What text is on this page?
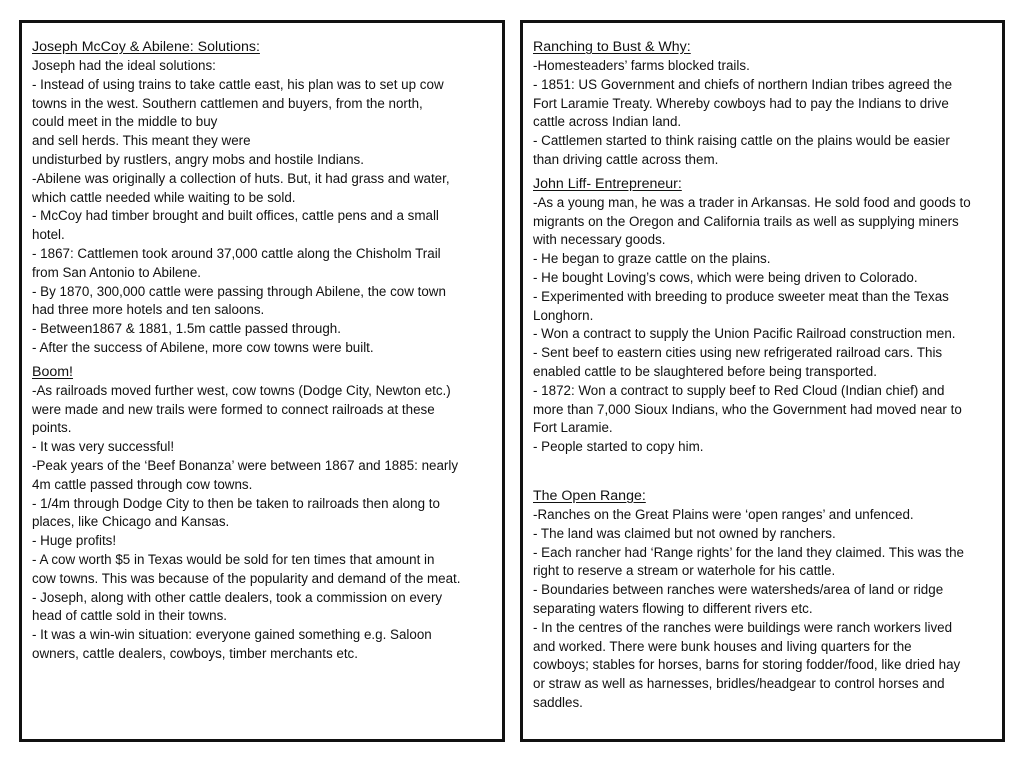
Joseph McCoy & Abilene: Solutions:

Joseph had the ideal solutions:

- Instead of using trains to take cattle east, his plan was to set up cow

towns in the west. Southern cattlemen and buyers, from the north,

could meet in the middle to buy

and sell herds. This meant they were

undisturbed by rustlers, angry mobs and hostile Indians.

-Abilene was originally a collection of huts. But, it had grass and water,

which cattle needed while waiting to be sold.

- McCoy had timber brought and built offices, cattle pens and a small

hotel.

- 1867: Cattlemen took around 37,000 cattle along the Chisholm Trail

from San Antonio to Abilene.

- By 1870, 300,000 cattle were passing through Abilene, the cow town

had three more hotels and ten saloons.

- Between1867 & 1881, 1.5m cattle passed through.

- After the success of Abilene, more cow towns were built.

Boom!

-As railroads moved further west, cow towns (Dodge City, Newton etc.)

were made and new trails were formed to connect railroads at these

points.

- It was very successful!

-Peak years of the ‘Beef Bonanza’ were between 1867 and 1885: nearly

4m cattle passed through cow towns.

- 1/4m through Dodge City to then be taken to railroads then along to

places, like Chicago and Kansas.

- Huge profits!

- A cow worth $5 in Texas would be sold for ten times that amount in

cow towns. This was because of the popularity and demand of the meat.

- Joseph, along with other cattle dealers, took a commission on every

head of cattle sold in their towns.

- It was a win-win situation: everyone gained something e.g. Saloon

owners, cattle dealers, cowboys, timber merchants etc.

Ranching to Bust & Why:

-Homesteaders’ farms blocked trails.

- 1851: US Government and chiefs of northern Indian tribes agreed the

Fort Laramie Treaty. Whereby cowboys had to pay the Indians to drive

cattle across Indian land.

- Cattlemen started to think raising cattle on the plains would be easier

than driving cattle across them.

John Liff- Entrepreneur:

-As a young man, he was a trader in Arkansas. He sold food and goods to

migrants on the Oregon and California trails as well as supplying miners

with necessary goods.

- He began to graze cattle on the plains.

- He bought Loving’s cows, which were being driven to Colorado.

- Experimented with breeding to produce sweeter meat than the Texas

Longhorn.

- Won a contract to supply the Union Pacific Railroad construction men.

- Sent beef to eastern cities using new refrigerated railroad cars. This

enabled cattle to be slaughtered before being transported.

- 1872: Won a contract to supply beef to Red Cloud (Indian chief) and

more than 7,000 Sioux Indians, who the Government had moved near to

Fort Laramie.

- People started to copy him.

The Open Range:

-Ranches on the Great Plains were ‘open ranges’ and unfenced.

- The land was claimed but not owned by ranchers.

- Each rancher had ‘Range rights’ for the land they claimed. This was the

right to reserve a stream or waterhole for his cattle.

- Boundaries between ranches were watersheds/area of land or ridge

separating waters flowing to different rivers etc.

- In the centres of the ranches were buildings were ranch workers lived

and worked. There were bunk houses and living quarters for the

cowboys; stables for horses, barns for storing fodder/food, like dried hay

or straw as well as harnesses, bridles/headgear to control horses and

saddles.
